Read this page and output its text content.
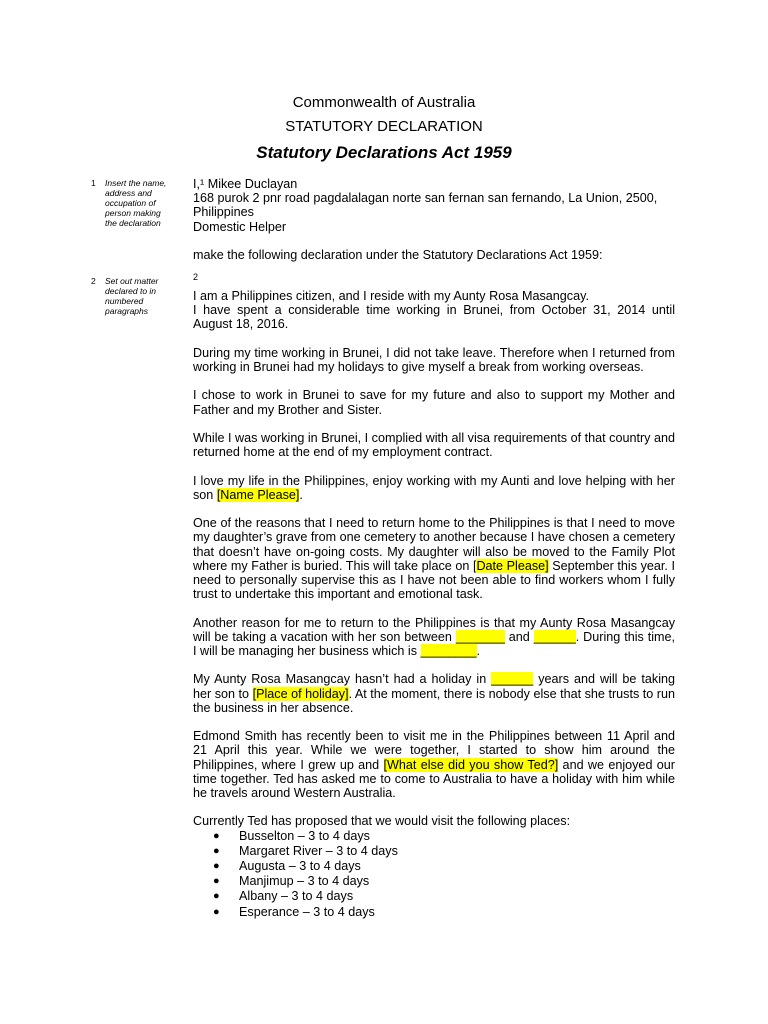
Commonwealth of Australia
STATUTORY DECLARATION
Statutory Declarations Act 1959
1	Insert the name, address and occupation of person making the declaration
2	Set out matter declared to in numbered paragraphs
I,¹ Mikee Duclayan
168 purok 2 pnr road pagdalalagan norte san fernan san fernando, La Union, 2500,
Philippines
Domestic Helper
make the following declaration under the Statutory Declarations Act 1959:
2

I am a Philippines citizen, and I reside with my Aunty Rosa Masangcay.

I have spent a considerable time working in Brunei, from October 31, 2014 until August 18, 2016.

During my time working in Brunei, I did not take leave. Therefore when I returned from working in Brunei had my holidays to give myself a break from working overseas.

I chose to work in Brunei to save for my future and also to support my Mother and Father and my Brother and Sister.

While I was working in Brunei, I complied with all visa requirements of that country and returned home at the end of my employment contract.

I love my life in the Philippines, enjoy working with my Aunti and love helping with her son [Name Please].

One of the reasons that I need to return home to the Philippines is that I need to move my daughter’s grave from one cemetery to another because I have chosen a cemetery that doesn’t have on-going costs. My daughter will also be moved to the Family Plot where my Father is buried. This will take place on [Date Please] September this year. I need to personally supervise this as I have not been able to find workers whom I fully trust to undertake this important and emotional task.

Another reason for me to return to the Philippines is that my Aunty Rosa Masangcay will be taking a vacation with her son between _______ and ______. During this time, I will be managing her business which is ________.

My Aunty Rosa Masangcay hasn’t had a holiday in ______ years and will be taking her son to [Place of holiday]. At the moment, there is nobody else that she trusts to run the business in her absence.

Edmond Smith has recently been to visit me in the Philippines between 11 April and 21 April this year. While we were together, I started to show him around the Philippines, where I grew up and [What else did you show Ted?] and we enjoyed our time together. Ted has asked me to come to Australia to have a holiday with him while he travels around Western Australia.

Currently Ted has proposed that we would visit the following places:

● Busselton – 3 to 4 days
● Margaret River – 3 to 4 days
● Augusta – 3 to 4 days
● Manjimup – 3 to 4 days
● Albany – 3 to 4 days
● Esperance – 3 to 4 days
